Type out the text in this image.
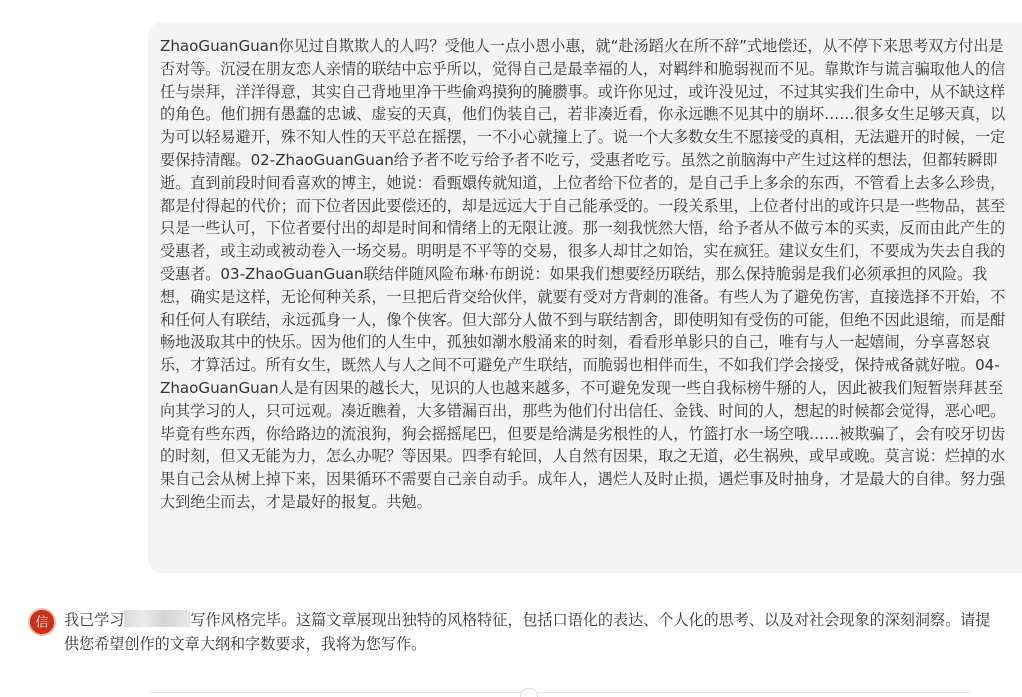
ZhaoGuanGuan你见过自欺欺人的人吗？受他人一点小恩小惠，就“赴汤蹈火在所不辞”式地偿还，从不停下来思考双方付出是否对等。沉浸在朋友恋人亲情的联结中忘乎所以，觉得自己是最幸福的人，对羁绊和脆弱视而不见。靠欺诈与谎言骗取他人的信任与崇拜，洋洋得意，其实自己背地里净干些偷鸡摸狗的腌臜事。或许你见过，或许没见过，不过其实我们生命中，从不缺这样的角色。他们拥有愚蠢的忠诚、虚妄的天真，他们伪装自己，若非凑近看，你永远瞧不见其中的崩坏……很多女生足够天真，以为可以轻易避开，殊不知人性的天平总在摇摆，一不小心就撞上了。说一个大多数女生不愿接受的真相，无法避开的时候，一定要保持清醒。02-ZhaoGuanGuan给予者不吃亏给予者不吃亏，受惠者吃亏。虽然之前脑海中产生过这样的想法，但都转瞬即逝。直到前段时间看喜欢的博主，她说：看甄嬛传就知道，上位者给下位者的，是自己手上多余的东西，不管看上去多么珍贵，都是付得起的代价；而下位者因此要偿还的，却是远远大于自己能承受的。一段关系里，上位者付出的或许只是一些物品，甚至只是一些认可，下位者要付出的却是时间和情绪上的无限让渡。那一刻我恍然大悟，给予者从不做亏本的买卖，反而由此产生的受惠者，或主动或被动卷入一场交易。明明是不平等的交易，很多人却甘之如饴，实在疯狂。建议女生们，不要成为失去自我的受惠者。03-ZhaoGuanGuan联结伴随风险布琳·布朗说：如果我们想要经历联结，那么保持脆弱是我们必须承担的风险。我想，确实是这样，无论何种关系，一旦把后背交给伙伴，就要有受对方背刺的准备。有些人为了避免伤害，直接选择不开始，不和任何人有联结，永远孤身一人，像个侠客。但大部分人做不到与联结割舍，即使明知有受伤的可能，但绝不因此退缩，而是酣畅地汲取其中的快乐。因为他们的人生中，孤独如潮水般涌来的时刻，看看形单影只的自己，唯有与人一起嬉闹，分享喜怒哀乐，才算活过。所有女生，既然人与人之间不可避免产生联结，而脆弱也相伴而生，不如我们学会接受，保持戒备就好啦。04-ZhaoGuanGuan人是有因果的越长大，见识的人也越来越多，不可避免发现一些自我标榜牛掰的人，因此被我们短暂崇拜甚至向其学习的人，只可远观。凑近瞧着，大多错漏百出，那些为他们付出信任、金钱、时间的人，想起的时候都会觉得，恶心吧。毕竟有些东西，你给路边的流浪狗，狗会摇摇尾巴，但要是给满是劣根性的人，竹篮打水一场空哦……被欺骗了，会有咬牙切齿的时刻，但又无能为力，怎么办呢？等因果。四季有轮回，人自然有因果，取之无道，必生祸殃，或早或晚。莫言说：烂掉的水果自己会从树上掉下来，因果循环不需要自己亲自动手。成年人，遇烂人及时止损，遇烂事及时抽身，才是最大的自律。努力强大到绝尘而去，才是最好的报复。共勉。

信 我已学习	写作风格完毕。这篇文章展现出独特的风格特征，包括口语化的表达、个人化的思考、以及对社会现象的深刻洞察。请提供您希望创作的文章大纲和字数要求，我将为您写作。
